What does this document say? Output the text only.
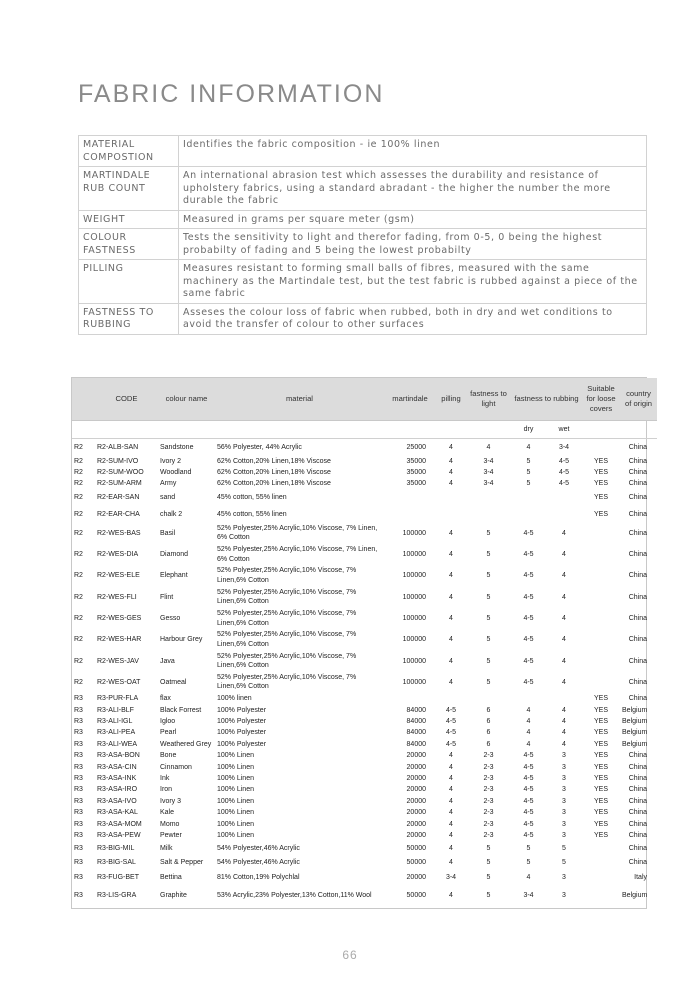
FABRIC INFORMATION
MATERIAL COMPOSTION	Identifies the fabric composition - ie 100% linen
MARTINDALE RUB COUNT	An international abrasion test which assesses the durability and resistance of upholstery fabrics, using a standard abradant - the higher the number the more durable the fabric
WEIGHT	Measured in grams per square meter (gsm)
COLOUR FASTNESS	Tests the sensitivity to light and therefor fading, from 0-5, 0 being the highest probabilty of fading and 5 being the lowest probabilty
PILLING	Measures resistant to forming small balls of fibres, measured with the same machinery as the Martindale test, but the test fabric is rubbed against a piece of the same fabric
FASTNESS TO RUBBING	Asseses the colour loss of fabric when rubbed, both in dry and wet conditions to avoid the transfer of colour to other surfaces
	CODE	colour name	material	martindale	pilling	fastness to light	fastness to rubbing		Suitable for loose covers	country of origin
							dry	wet		
R2	R2-ALB-SAN	Sandstone	56% Polyester, 44% Acrylic	25000	4	4	4	3-4		China
R2	R2-SUM-IVO	Ivory 2	62% Cotton,20% Linen,18% Viscose	35000	4	3-4	5	4-5	YES	China
R2	R2-SUM-WOO	Woodland	62% Cotton,20% Linen,18% Viscose	35000	4	3-4	5	4-5	YES	China
R2	R2-SUM-ARM	Army	62% Cotton,20% Linen,18% Viscose	35000	4	3-4	5	4-5	YES	China
R2	R2-EAR-SAN	sand	45% cotton, 55% linen						YES	China
R2	R2-EAR-CHA	chalk 2	45% cotton, 55% linen						YES	China
R2	R2-WES-BAS	Basil	52% Polyester,25% Acrylic,10% Viscose, 7% Linen, 6% Cotton	100000	4	5	4-5	4		China
R2	R2-WES-DIA	Diamond	52% Polyester,25% Acrylic,10% Viscose, 7% Linen, 6% Cotton	100000	4	5	4-5	4		China
R2	R2-WES-ELE	Elephant	52% Polyester,25% Acrylic,10% Viscose, 7% Linen,6% Cotton	100000	4	5	4-5	4		China
R2	R2-WES-FLI	Flint	52% Polyester,25% Acrylic,10% Viscose, 7% Linen,6% Cotton	100000	4	5	4-5	4		China
R2	R2-WES-GES	Gesso	52% Polyester,25% Acrylic,10% Viscose, 7% Linen,6% Cotton	100000	4	5	4-5	4		China
R2	R2-WES-HAR	Harbour Grey	52% Polyester,25% Acrylic,10% Viscose, 7% Linen,6% Cotton	100000	4	5	4-5	4		China
R2	R2-WES-JAV	Java	52% Polyester,25% Acrylic,10% Viscose, 7% Linen,6% Cotton	100000	4	5	4-5	4		China
R2	R2-WES-OAT	Oatmeal	52% Polyester,25% Acrylic,10% Viscose, 7% Linen,6% Cotton	100000	4	5	4-5	4		China
R3	R3-PUR-FLA	flax	100% linen						YES	China
R3	R3-ALI-BLF	Black Forrest	100% Polyester	84000	4-5	6	4	4	YES	Belgium
R3	R3-ALI-IGL	Igloo	100% Polyester	84000	4-5	6	4	4	YES	Belgium
R3	R3-ALI-PEA	Pearl	100% Polyester	84000	4-5	6	4	4	YES	Belgium
R3	R3-ALI-WEA	Weathered Grey	100% Polyester	84000	4-5	6	4	4	YES	Belgium
R3	R3-ASA-BON	Bone	100% Linen	20000	4	2-3	4-5	3	YES	China
R3	R3-ASA-CIN	Cinnamon	100% Linen	20000	4	2-3	4-5	3	YES	China
R3	R3-ASA-INK	Ink	100% Linen	20000	4	2-3	4-5	3	YES	China
R3	R3-ASA-IRO	Iron	100% Linen	20000	4	2-3	4-5	3	YES	China
R3	R3-ASA-IVO	Ivory 3	100% Linen	20000	4	2-3	4-5	3	YES	China
R3	R3-ASA-KAL	Kale	100% Linen	20000	4	2-3	4-5	3	YES	China
R3	R3-ASA-MOM	Momo	100% Linen	20000	4	2-3	4-5	3	YES	China
R3	R3-ASA-PEW	Pewter	100% Linen	20000	4	2-3	4-5	3	YES	China
R3	R3-BIG-MIL	Milk	54% Polyester,46% Acrylic	50000	4	5	5	5		China
R3	R3-BIG-SAL	Salt & Pepper	54% Polyester,46% Acrylic	50000	4	5	5	5		China
R3	R3-FUG-BET	Bettina	81% Cotton,19% Polychlal	20000	3-4	5	4	3		Italy
R3	R3-LIS-GRA	Graphite	53% Acrylic,23% Polyester,13% Cotton,11% Wool	50000	4	5	3-4	3		Belgium
66
